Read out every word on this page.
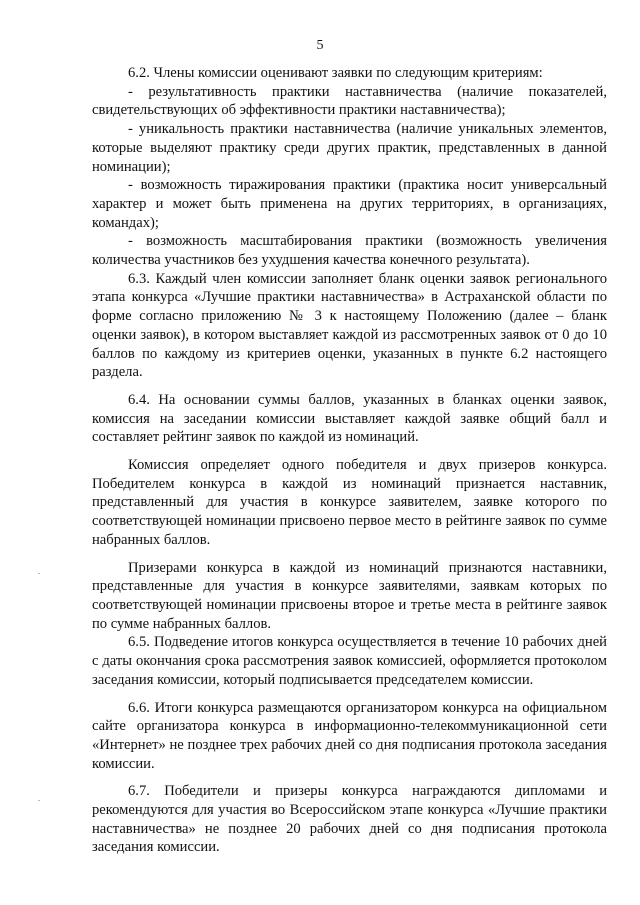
5

6.2. Члены комиссии оценивают заявки по следующим критериям:

- результативность практики наставничества (наличие показателей, свидетельствующих об эффективности практики наставничества);

- уникальность практики наставничества (наличие уникальных элементов, которые выделяют практику среди других практик, представленных в данной номинации);

- возможность тиражирования практики (практика носит универсальный характер и может быть применена на других территориях, в организациях, командах);

- возможность масштабирования практики (возможность увеличения количества участников без ухудшения качества конечного результата).

6.3. Каждый член комиссии заполняет бланк оценки заявок регионального этапа конкурса «Лучшие практики наставничества» в Астраханской области по форме согласно приложению № 3 к настоящему Положению (далее – бланк оценки заявок), в котором выставляет каждой из рассмотренных заявок от 0 до 10 баллов по каждому из критериев оценки, указанных в пункте 6.2 настоящего раздела.

6.4. На основании суммы баллов, указанных в бланках оценки заявок, комиссия на заседании комиссии выставляет каждой заявке общий балл и составляет рейтинг заявок по каждой из номинаций.

Комиссия определяет одного победителя и двух призеров конкурса. Победителем конкурса в каждой из номинаций признается наставник, представленный для участия в конкурсе заявителем, заявке которого по соответствующей номинации присвоено первое место в рейтинге заявок по сумме набранных баллов.

Призерами конкурса в каждой из номинаций признаются наставники, представленные для участия в конкурсе заявителями, заявкам которых по соответствующей номинации присвоены второе и третье места в рейтинге заявок по сумме набранных баллов.

6.5. Подведение итогов конкурса осуществляется в течение 10 рабочих дней с даты окончания срока рассмотрения заявок комиссией, оформляется протоколом заседания комиссии, который подписывается председателем комиссии.

6.6. Итоги конкурса размещаются организатором конкурса на официальном сайте организатора конкурса в информационно-телекоммуникационной сети «Интернет» не позднее трех рабочих дней со дня подписания протокола заседания комиссии.

6.7. Победители и призеры конкурса награждаются дипломами и рекомендуются для участия во Всероссийском этапе конкурса «Лучшие практики наставничества» не позднее 20 рабочих дней со дня подписания протокола заседания комиссии.
